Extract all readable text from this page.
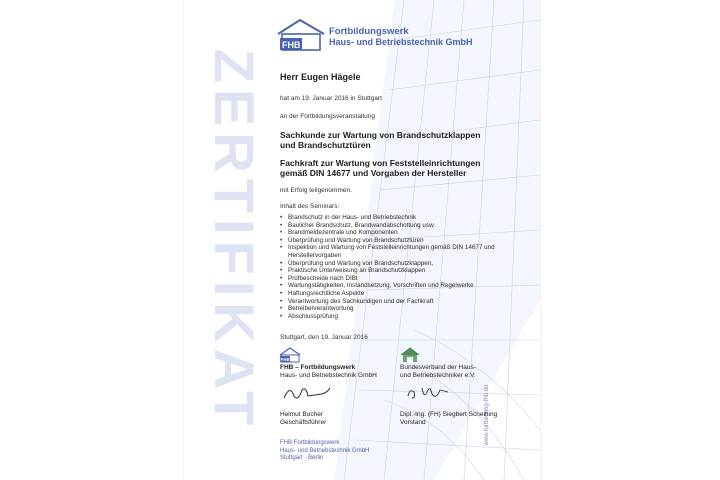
ZERTIFIKAT	www.fortbildung-fhb.de
FHB
Fortbildungswerk
Haus- und Betriebstechnik GmbH
Herr Eugen Hägele
hat am 19. Januar 2016 in Stuttgart
an der Fortbildungsveranstaltung
Sachkunde zur Wartung von Brandschutzklappen
und Brandschutztüren
Fachkraft zur Wartung von Feststelleinrichtungen
gemäß DIN 14677 und Vorgaben der Hersteller
mit Erfolg teilgenommen.
Inhalt des Seminars:
• Brandschutz in der Haus- und Betriebstechnik
• Baulicher Brandschutz, Brandwandabschottung usw.
• Brandmeldezentrale und Komponenten
• Überprüfung und Wartung von Brandschutztüren
• Inspektion und Wartung von Feststelleinrichtungen gemäß DIN 14677 und Herstellervorgaben
• Überprüfung und Wartung von Brandschutzklappen,
• Praktische Unterweisung an Brandschutzklappen
• Prüfbescheide nach DIBt
• Wartungstätigkeiten, Instandsetzung, Vorschriften und Regelwerke
• Haftungsrechtliche Aspekte
• Verantwortung des Sachkundigen und der Fachkraft
• Betreiberverantwortung
• Abschlussprüfung
Stuttgart, den 19. Januar 2016
FHB
FHB – Fortbildungswerk
Haus- und Betriebstechnik GmbH
Helmut Bucher
Geschäftsführer
Bundesverband der Haus-
und Betriebstechniker e.V.
Dipl.-Ing. (FH) Siegbert Scheihing
Vorstand
FHB Fortbildungswerk
Haus- und Betriebstechnik GmbH
Stuttgart · Berlin
